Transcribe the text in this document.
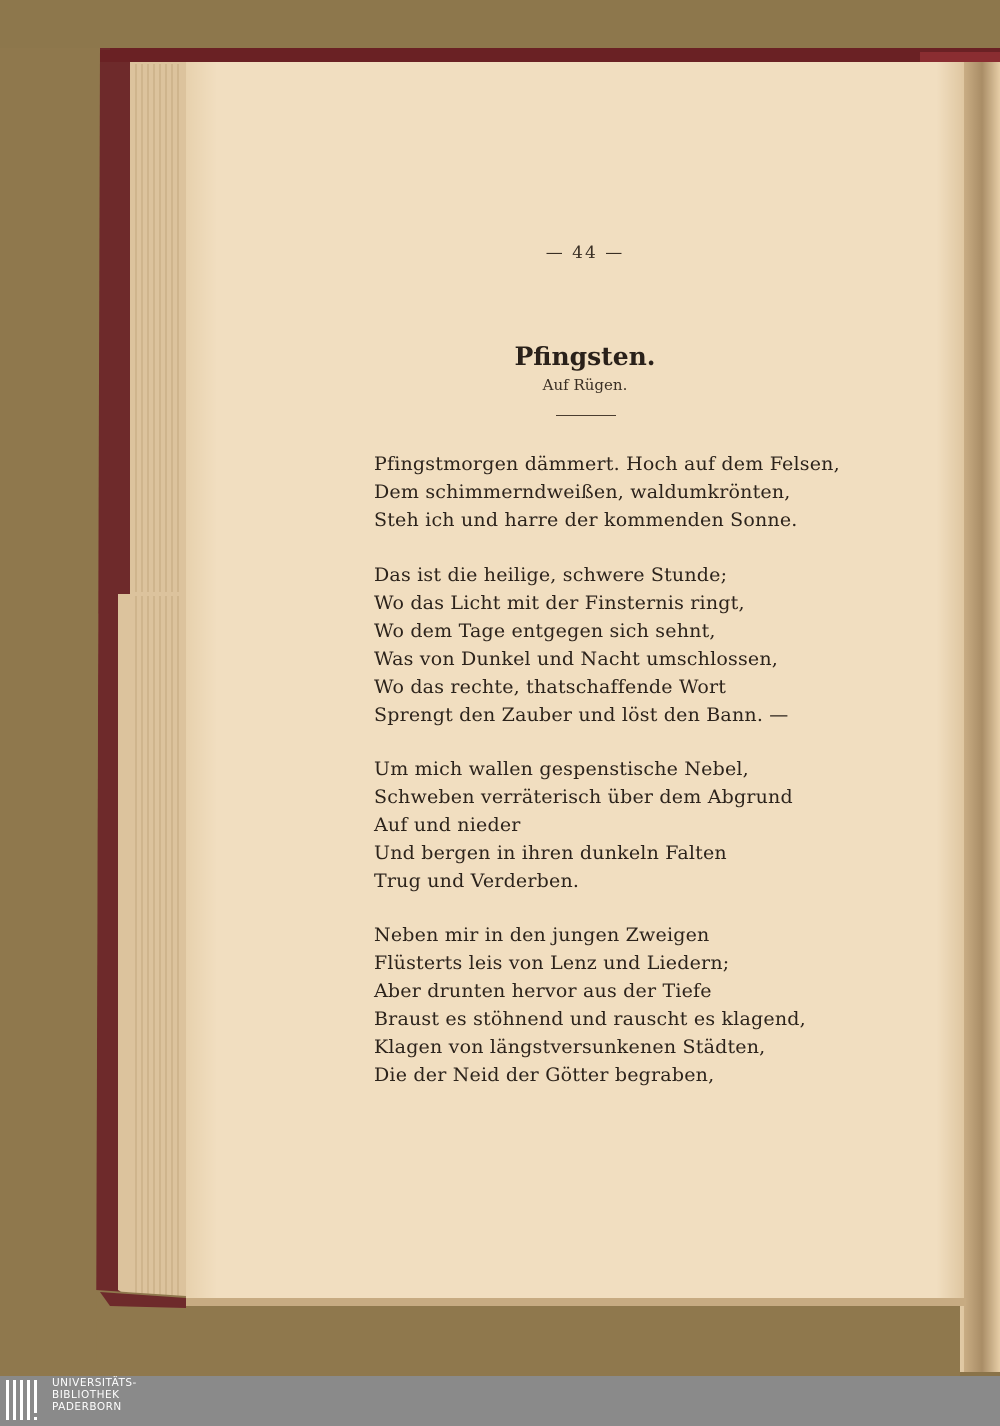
— 44 —
Pfingsten.
Auf Rügen.
Pfingstmorgen dämmert. Hoch auf dem Felsen,
Dem schimmerndweißen, waldumkrönten,
Steh ich und harre der kommenden Sonne.
Das ist die heilige, schwere Stunde;
Wo das Licht mit der Finsternis ringt,
Wo dem Tage entgegen sich sehnt,
Was von Dunkel und Nacht umschlossen,
Wo das rechte, thatschaffende Wort
Sprengt den Zauber und löst den Bann. —
Um mich wallen gespenstische Nebel,
Schweben verräterisch über dem Abgrund
Auf und nieder
Und bergen in ihren dunkeln Falten
Trug und Verderben.
Neben mir in den jungen Zweigen
Flüsterts leis von Lenz und Liedern;
Aber drunten hervor aus der Tiefe
Braust es stöhnend und rauscht es klagend,
Klagen von längstversunkenen Städten,
Die der Neid der Götter begraben,
UNIVERSITÄTS-
BIBLIOTHEK
PADERBORN
